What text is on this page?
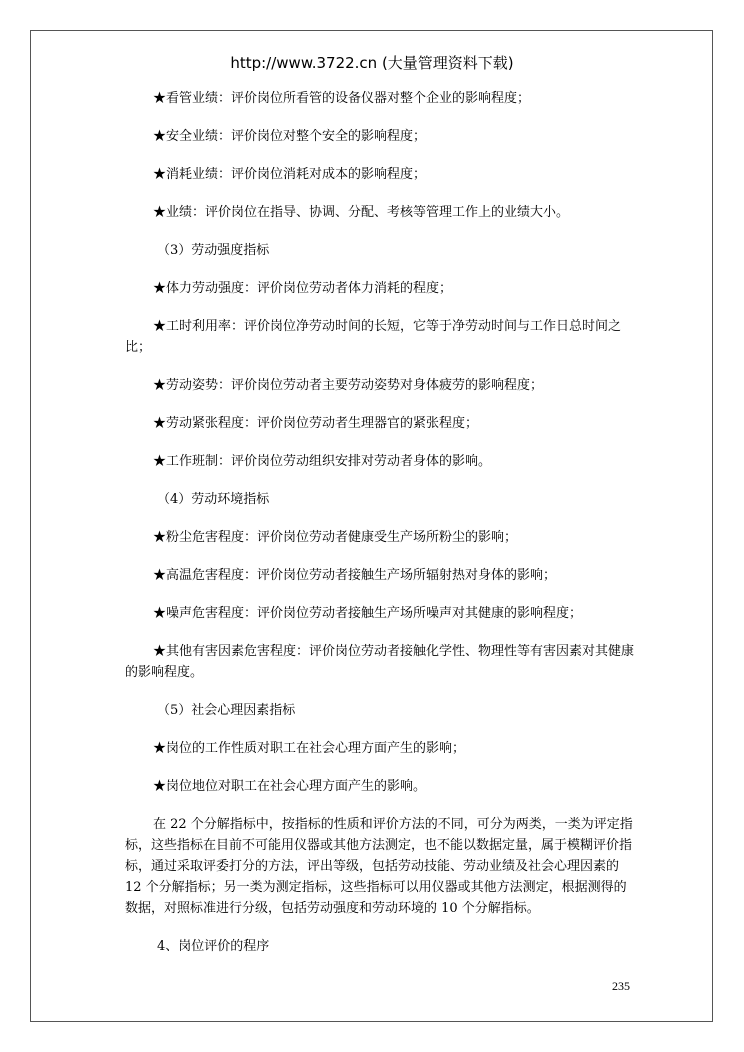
http://www.3722.cn (大量管理资料下载)

★看管业绩：评价岗位所看管的设备仪器对整个企业的影响程度；

★安全业绩：评价岗位对整个安全的影响程度；

★消耗业绩：评价岗位消耗对成本的影响程度；

★业绩：评价岗位在指导、协调、分配、考核等管理工作上的业绩大小。

（3）劳动强度指标

★体力劳动强度：评价岗位劳动者体力消耗的程度；

★工时利用率：评价岗位净劳动时间的长短，它等于净劳动时间与工作日总时间之比；

★劳动姿势：评价岗位劳动者主要劳动姿势对身体疲劳的影响程度；

★劳动紧张程度：评价岗位劳动者生理器官的紧张程度；

★工作班制：评价岗位劳动组织安排对劳动者身体的影响。

（4）劳动环境指标

★粉尘危害程度：评价岗位劳动者健康受生产场所粉尘的影响；

★高温危害程度：评价岗位劳动者接触生产场所辐射热对身体的影响；

★噪声危害程度：评价岗位劳动者接触生产场所噪声对其健康的影响程度；

★其他有害因素危害程度：评价岗位劳动者接触化学性、物理性等有害因素对其健康的影响程度。

（5）社会心理因素指标

★岗位的工作性质对职工在社会心理方面产生的影响；

★岗位地位对职工在社会心理方面产生的影响。

在 22 个分解指标中，按指标的性质和评价方法的不同，可分为两类，一类为评定指标，这些指标在目前不可能用仪器或其他方法测定，也不能以数据定量，属于模糊评价指标，通过采取评委打分的方法，评出等级，包括劳动技能、劳动业绩及社会心理因素的 12 个分解指标；另一类为测定指标，这些指标可以用仪器或其他方法测定，根据测得的数据，对照标准进行分级，包括劳动强度和劳动环境的 10 个分解指标。

4、岗位评价的程序

235
